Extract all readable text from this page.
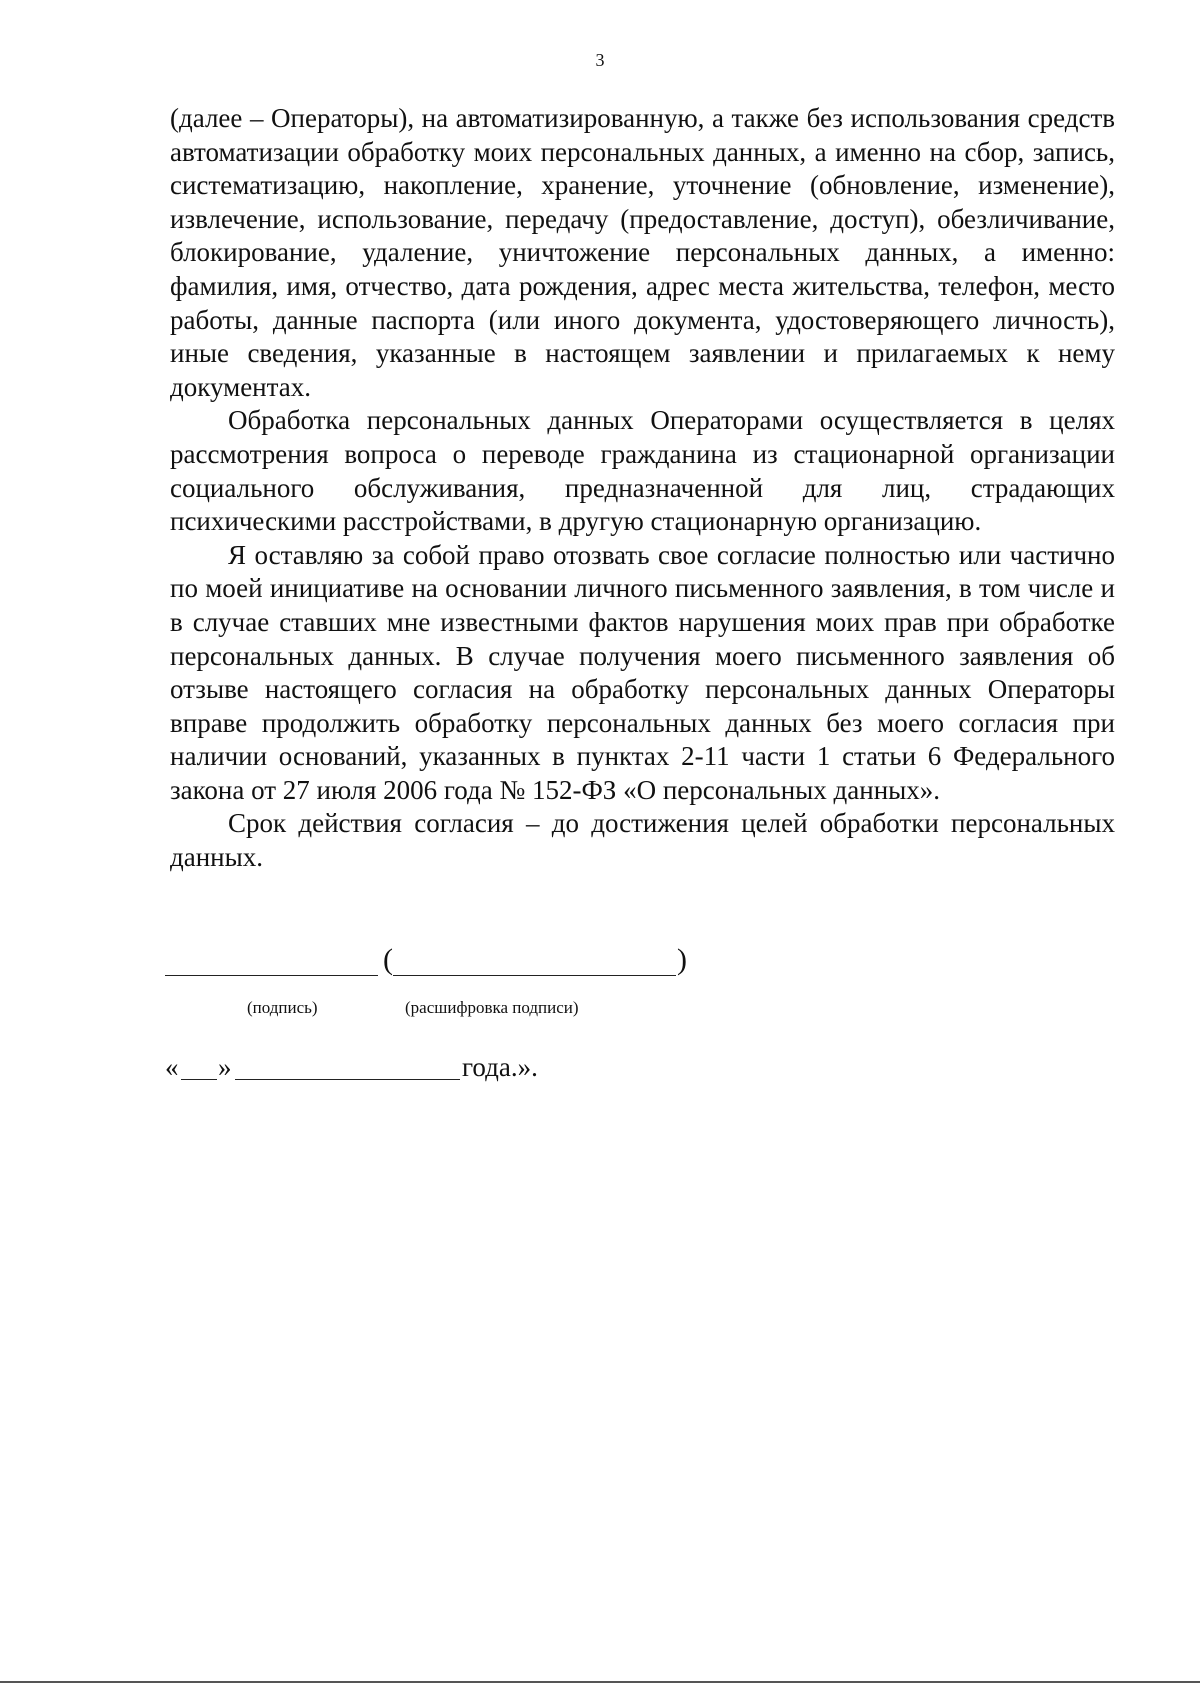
3

(далее – Операторы), на автоматизированную, а также без использования средств автоматизации обработку моих персональных данных, а именно на сбор, запись, систематизацию, накопление, хранение, уточнение (обновление, изменение), извлечение, использование, передачу (предоставление, доступ), обезличивание, блокирование, удаление, уничтожение персональных данных, а именно: фамилия, имя, отчество, дата рождения, адрес места жительства, телефон, место работы, данные паспорта (или иного документа, удостоверяющего личность), иные сведения, указанные в настоящем заявлении и прилагаемых к нему документах.

Обработка персональных данных Операторами осуществляется в целях рассмотрения вопроса о переводе гражданина из стационарной организации социального обслуживания, предназначенной для лиц, страдающих психическими расстройствами, в другую стационарную организацию.

Я оставляю за собой право отозвать свое согласие полностью или частично по моей инициативе на основании личного письменного заявления, в том числе и в случае ставших мне известными фактов нарушения моих прав при обработке персональных данных. В случае получения моего письменного заявления об отзыве настоящего согласия на обработку персональных данных Операторы вправе продолжить обработку персональных данных без моего согласия при наличии оснований, указанных в пунктах 2-11 части 1 статьи 6 Федерального закона от 27 июля 2006 года № 152-ФЗ «О персональных данных».

Срок действия согласия – до достижения целей обработки персональных данных.

(	)
(подпись)	(расшифровка подписи)
« »	года.».
